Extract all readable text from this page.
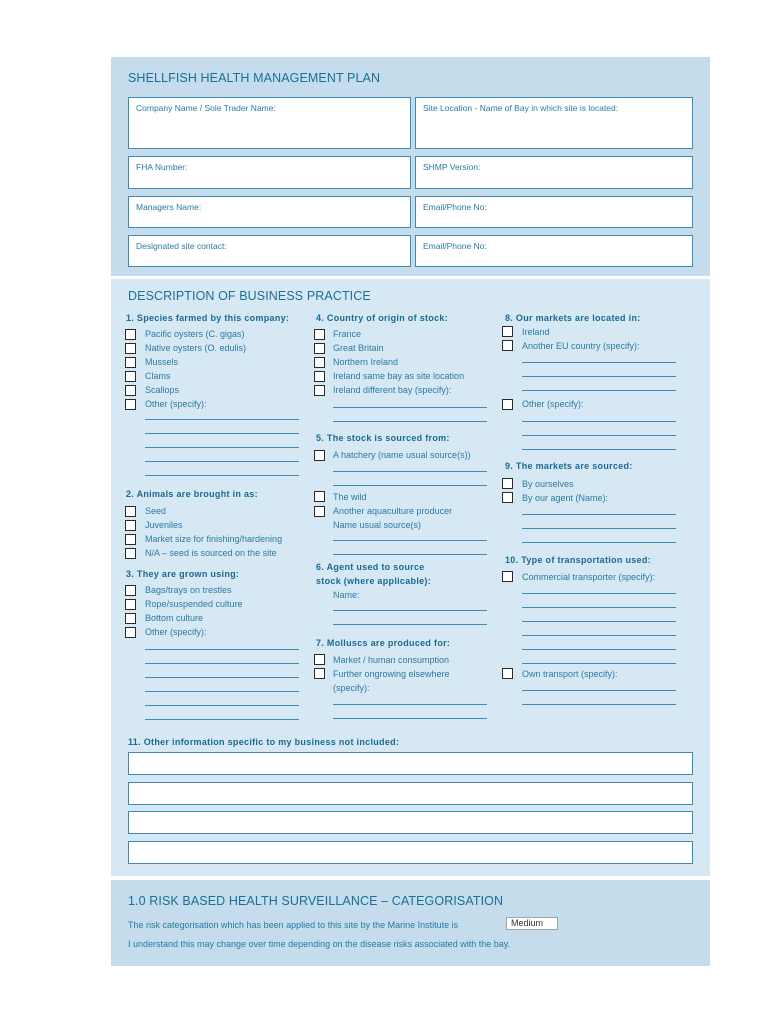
SHELLFISH HEALTH MANAGEMENT PLAN
Company Name / Sole Trader Name:	Site Location - Name of Bay in which site is located:
FHA Number:	SHMP Version:
Managers Name:	Email/Phone No:
Designated site contact:	Email/Phone No:
DESCRIPTION OF BUSINESS PRACTICE
1. Species farmed by this company:
Pacific oysters (C. gigas)
Native oysters (O. edulis)
Mussels
Clams
Scallops
Other (specify):
2. Animals are brought in as:
Seed
Juveniles
Market size for finishing/hardening
N/A – seed is sourced on the site
3. They are grown using:
Bags/trays on trestles
Rope/suspended culture
Bottom culture
Other (specify):
4. Country of origin of stock:
France
Great Britain
Northern Ireland
Ireland same bay as site location
Ireland different bay (specify):
5. The stock is sourced from:
A hatchery (name usual source(s))
The wild
Another aquaculture producer
Name usual source(s)
6. Agent used to source
stock (where applicable):
Name:
7. Molluscs are produced for:
Market / human consumption
Further ongrowing elsewhere
(specify):
8. Our markets are located in:
Ireland
Another EU country (specify):
Other (specify):
9. The markets are sourced:
By ourselves
By our agent (Name):
10. Type of transportation used:
Commercial transporter (specify):
Own transport (specify):
11. Other information specific to my business not included:
1.0 RISK BASED HEALTH SURVEILLANCE – CATEGORISATION
The risk categorisation which has been applied to this site by the Marine Institute is	Medium
I understand this may change over time depending on the disease risks associated with the bay.
